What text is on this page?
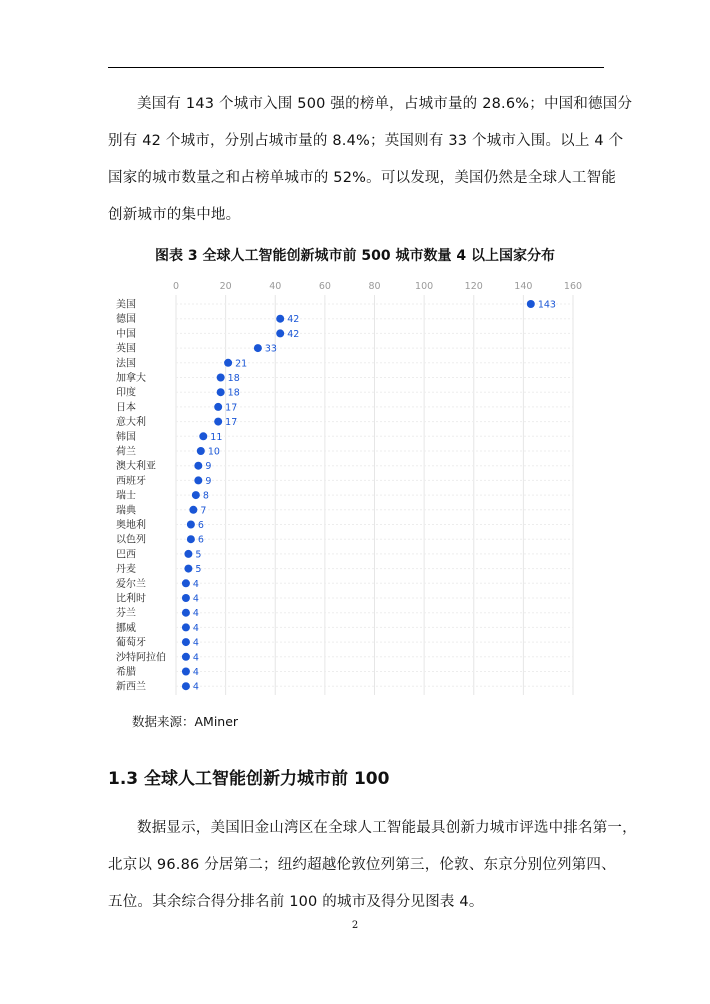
美国有 143 个城市入围 500 强的榜单，占城市量的 28.6%；中国和德国分
别有 42 个城市，分别占城市量的 8.4%；英国则有 33 个城市入围。以上 4 个
国家的城市数量之和占榜单城市的 52%。可以发现，美国仍然是全球人工智能
创新城市的集中地。

图表 3 全球人工智能创新城市前 500 城市数量 4 以上国家分布

0	20	40	60	80	100	120	140	160
美国	143
德国	42
中国	42
英国	33
法国	21
加拿大	18
印度	18
日本	17
意大利	17
韩国	11
荷兰	10
澳大利亚	9
西班牙	9
瑞士	8
瑞典	7
奥地利	6
以色列	6
巴西	5
丹麦	5
爱尔兰	4
比利时	4
芬兰	4
挪威	4
葡萄牙	4
沙特阿拉伯	4
希腊	4
新西兰	4

数据来源：AMiner

1.3 全球人工智能创新力城市前 100
数据显示，美国旧金山湾区在全球人工智能最具创新力城市评选中排名第一，
北京以 96.86 分居第二；纽约超越伦敦位列第三，伦敦、东京分别位列第四、
五位。其余综合得分排名前 100 的城市及得分见图表 4。
2
